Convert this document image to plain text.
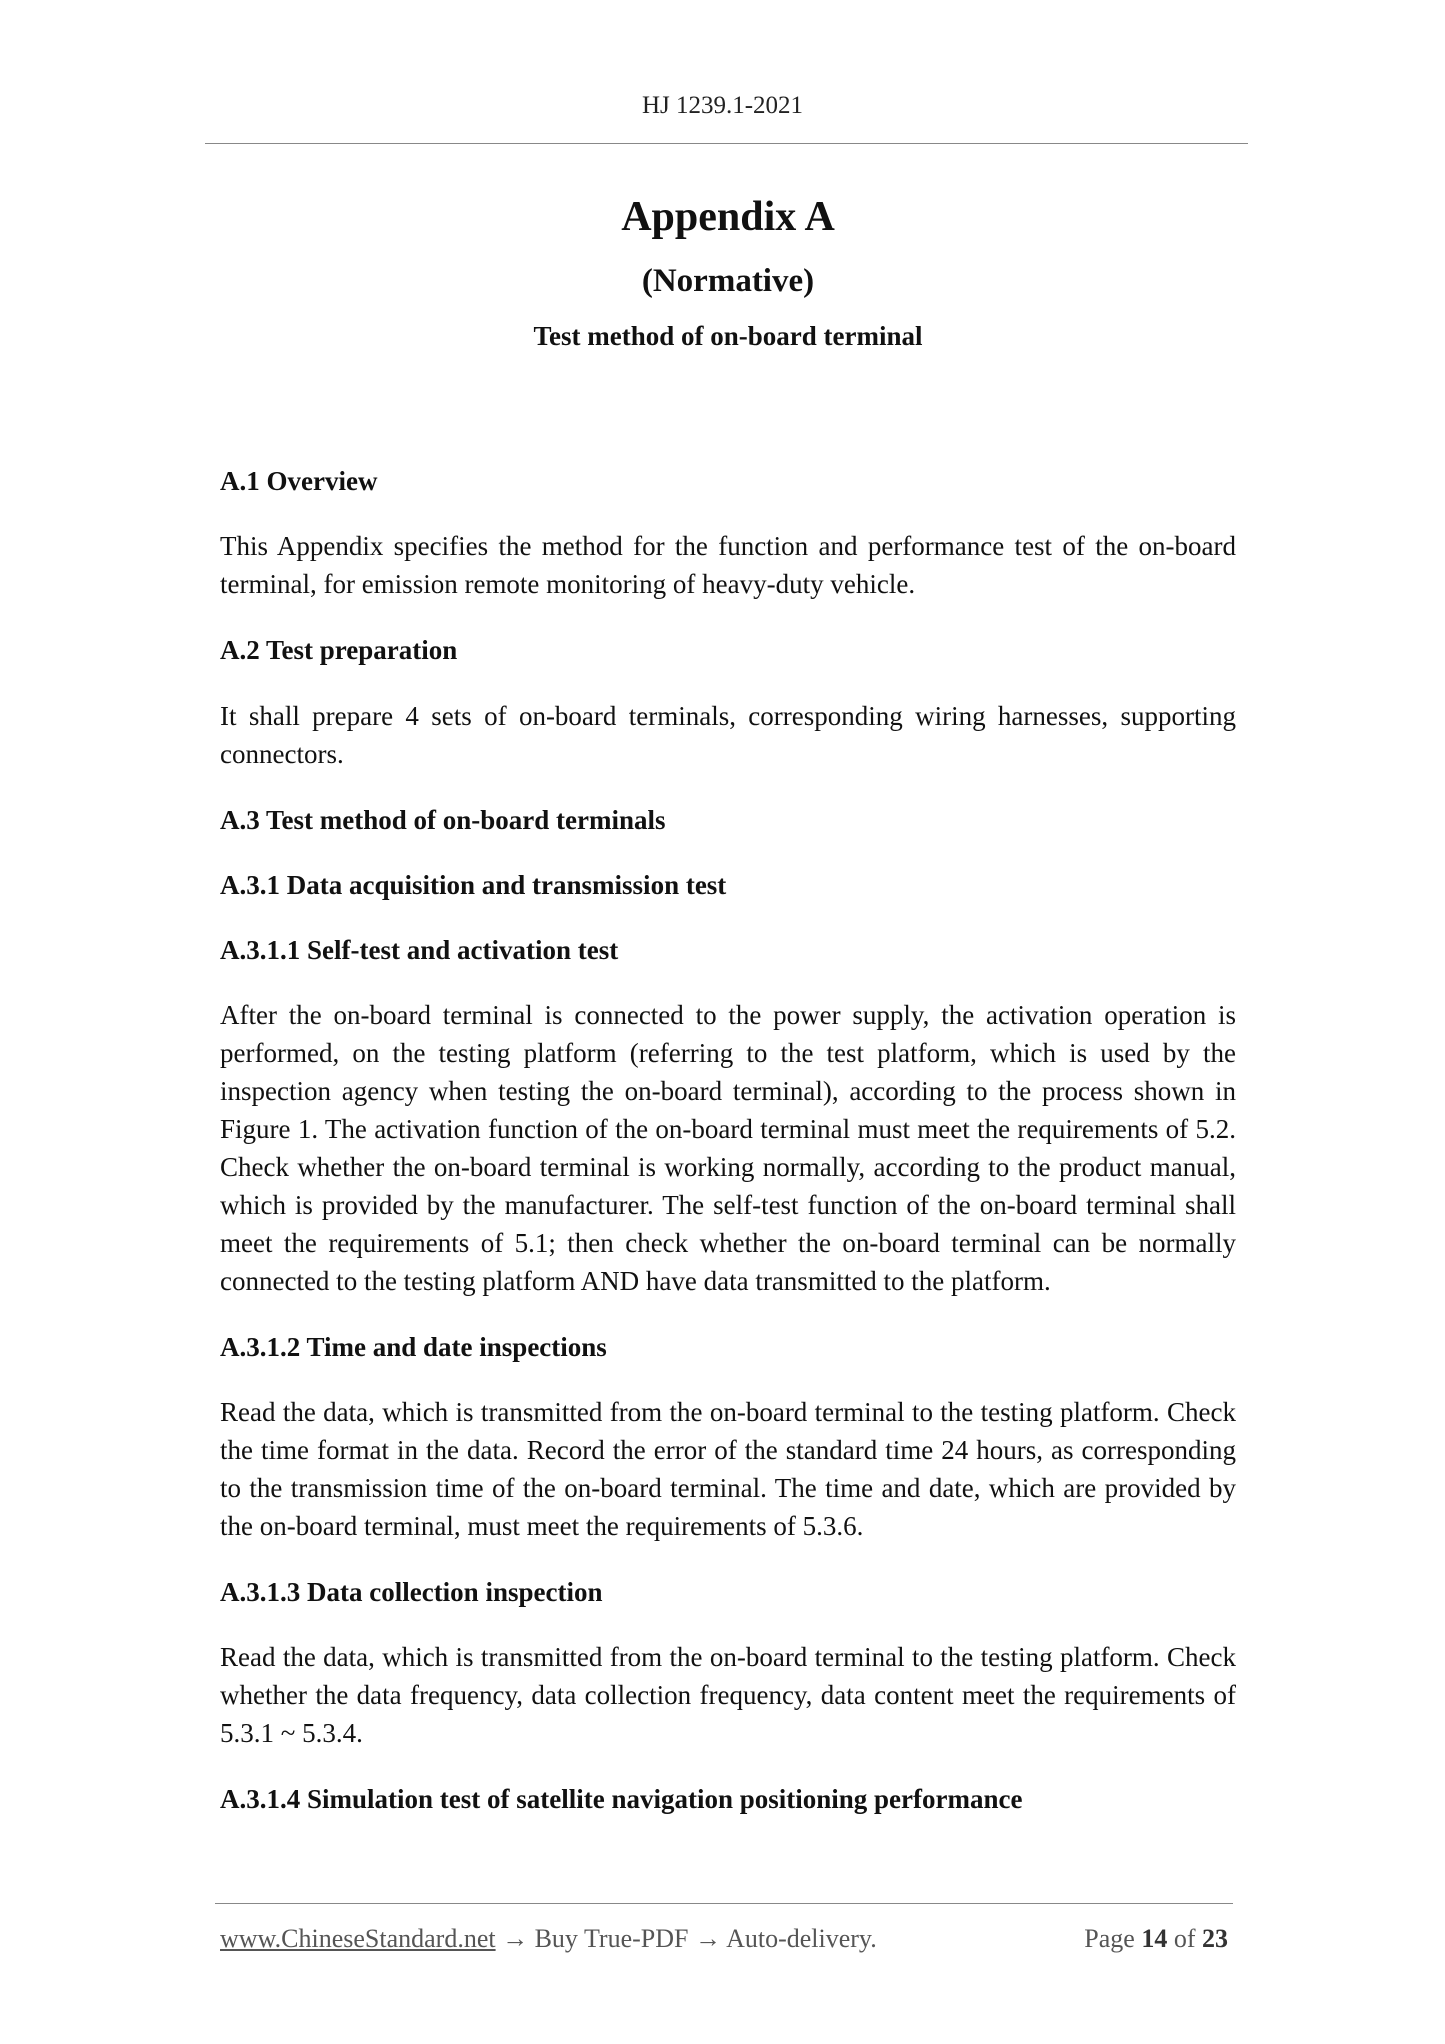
HJ 1239.1-2021
Appendix A
(Normative)
Test method of on-board terminal
A.1 Overview

This Appendix specifies the method for the function and performance test of the on-board terminal, for emission remote monitoring of heavy-duty vehicle.

A.2 Test preparation

It shall prepare 4 sets of on-board terminals, corresponding wiring harnesses, supporting connectors.

A.3 Test method of on-board terminals
A.3.1 Data acquisition and transmission test
A.3.1.1 Self-test and activation test

After the on-board terminal is connected to the power supply, the activation operation is performed, on the testing platform (referring to the test platform, which is used by the inspection agency when testing the on-board terminal), according to the process shown in Figure 1. The activation function of the on-board terminal must meet the requirements of 5.2. Check whether the on-board terminal is working normally, according to the product manual, which is provided by the manufacturer. The self-test function of the on-board terminal shall meet the requirements of 5.1; then check whether the on-board terminal can be normally connected to the testing platform AND have data transmitted to the platform.

A.3.1.2 Time and date inspections

Read the data, which is transmitted from the on-board terminal to the testing platform. Check the time format in the data. Record the error of the standard time 24 hours, as corresponding to the transmission time of the on-board terminal. The time and date, which are provided by the on-board terminal, must meet the requirements of 5.3.6.

A.3.1.3 Data collection inspection

Read the data, which is transmitted from the on-board terminal to the testing platform. Check whether the data frequency, data collection frequency, data content meet the requirements of 5.3.1 ~ 5.3.4.

A.3.1.4 Simulation test of satellite navigation positioning performance
www.ChineseStandard.net → Buy True-PDF → Auto-delivery.	Page 14 of 23
